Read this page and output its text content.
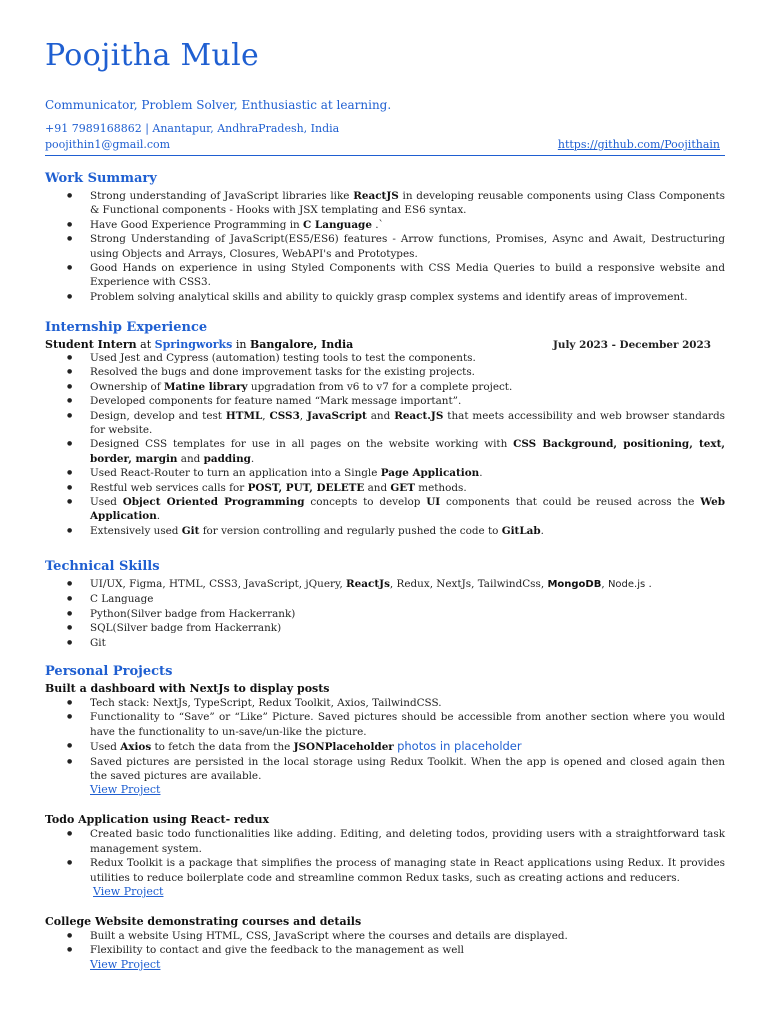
Poojitha Mule
Communicator, Problem Solver, Enthusiastic at learning.
+91 7989168862 | Anantapur, AndhraPradesh, India
poojithin1@gmail.com	https://github.com/Poojithain
Work Summary
● Strong understanding of JavaScript libraries like ReactJS in developing reusable components using Class Components & Functional components - Hooks with JSX templating and ES6 syntax.
● Have Good Experience Programming in C Language .`
● Strong Understanding of JavaScript(ES5/ES6) features - Arrow functions, Promises, Async and Await, Destructuring using Objects and Arrays, Closures, WebAPI's and Prototypes.
● Good Hands on experience in using Styled Components with CSS Media Queries to build a responsive website and Experience with CSS3.
● Problem solving analytical skills and ability to quickly grasp complex systems and identify areas of improvement.
Internship Experience
Student Intern at Springworks in Bangalore, India	July 2023 - December 2023
● Used Jest and Cypress (automation) testing tools to test the components.
● Resolved the bugs and done improvement tasks for the existing projects.
● Ownership of Matine library upgradation from v6 to v7 for a complete project.
● Developed components for feature named “Mark message important”.
● Design, develop and test HTML, CSS3, JavaScript and React.JS that meets accessibility and web browser standards for website.
● Designed CSS templates for use in all pages on the website working with CSS Background, positioning, text, border, margin and padding.
● Used React-Router to turn an application into a Single Page Application.
● Restful web services calls for POST, PUT, DELETE and GET methods.
● Used Object Oriented Programming concepts to develop UI components that could be reused across the Web Application.
● Extensively used Git for version controlling and regularly pushed the code to GitLab.
Technical Skills
● UI/UX, Figma, HTML, CSS3, JavaScript, jQuery, ReactJs, Redux, NextJs, TailwindCss, MongoDB, Node.js .
● C Language
● Python(Silver badge from Hackerrank)
● SQL(Silver badge from Hackerrank)
● Git
Personal Projects
Built a dashboard with NextJs to display posts
● Tech stack: NextJs, TypeScript, Redux Toolkit, Axios, TailwindCSS.
● Functionality to “Save” or “Like” Picture. Saved pictures should be accessible from another section where you would have the functionality to un-save/un-like the picture.
● Used Axios to fetch the data from the JSONPlaceholder photos in placeholder
● Saved pictures are persisted in the local storage using Redux Toolkit. When the app is opened and closed again then the saved pictures are available.
View Project
Todo Application using React- redux
● Created basic todo functionalities like adding. Editing, and deleting todos, providing users with a straightforward task management system.
● Redux Toolkit is a package that simplifies the process of managing state in React applications using Redux. It provides utilities to reduce boilerplate code and streamline common Redux tasks, such as creating actions and reducers.
View Project
College Website demonstrating courses and details
● Built a website Using HTML, CSS, JavaScript where the courses and details are displayed.
● Flexibility to contact and give the feedback to the management as well
View Project
